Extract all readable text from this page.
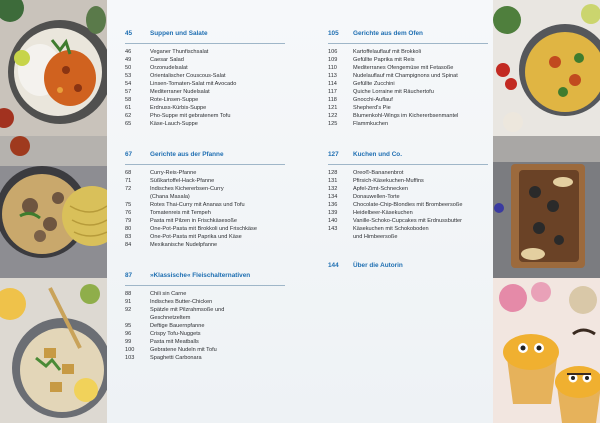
45	Suppen und Salate
46	Veganer Thunfischsalat
49	Caesar Salad
50	Orzonudelsalat
53	Orientalischer Couscous-Salat
54	Linsen-Tomaten-Salat mit Avocado
57	Mediterraner Nudelsalat
58	Rote-Linsen-Suppe
61	Erdnuss-Kürbis-Suppe
62	Pho-Suppe mit gebratenem Tofu
65	Käse-Lauch-Suppe
67	Gerichte aus der Pfanne
68	Curry-Reis-Pfanne
71	Süßkartoffel-Hack-Pfanne
72	Indisches Kichererbsen-Curry
(Chana Masala)
75	Rotes Thai-Curry mit Ananas und Tofu
76	Tomatenreis mit Tempeh
79	Pasta mit Pilzen in Frischkäsesoße
80	One-Pot-Pasta mit Brokkoli und Frischkäse
83	One-Pot-Pasta mit Paprika und Käse
84	Mexikanische Nudelpfanne
87	»Klassische« Fleischalternativen
88	Chili sin Carne
91	Indisches Butter-Chicken
92	Spätzle mit Pilzrahmsoße und
Geschnetzeltem
95	Deftige Bauernpfanne
96	Crispy Tofu-Nuggets
99	Pasta mit Meatballs
100	Gebratene Nudeln mit Tofu
103	Spaghetti Carbonara
105	Gerichte aus dem Ofen
106	Kartoffelauflauf mit Brokkoli
109	Gefüllte Paprika mit Reis
110	Mediterranes Ofengemüse mit Fetasoße
113	Nudelauflauf mit Champignons und Spinat
114	Gefüllte Zucchini
117	Quiche Lorraine mit Räuchertofu
118	Gnocchi-Auflauf
121	Shepherd's Pie
122	Blumenkohl-Wings im Kichererbsenmantel
125	Flammkuchen
127	Kuchen und Co.
128	Oreo®-Bananenbrot
131	Pfirsich-Käsekuchen-Muffins
132	Apfel-Zimt-Schnecken
134	Donauwellen-Torte
136	Chocolate-Chip-Blondies mit Brombeersoße
139	Heidelbeer-Käsekuchen
140	Vanille-Schoko-Cupcakes mit Erdnussbutter
143	Käsekuchen mit Schokoboden
und Himbeersoße
144	Über die Autorin
